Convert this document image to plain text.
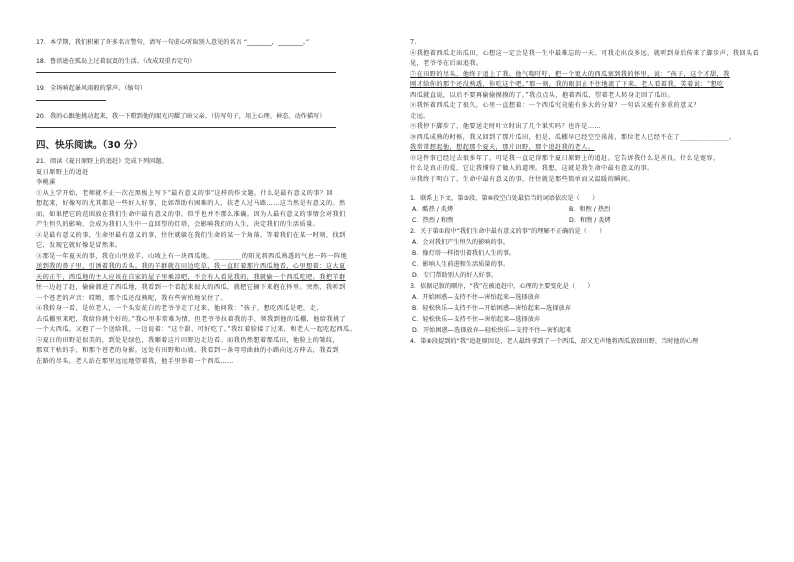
17．本学期，我们积累了许多名言警句，请写一句虚心听取别人意见的名言 “________，________。”
18．鲁滨逊在孤岛上过着寂寞的生活。（改成双重否定句）
19．全场响起暴风雨般的掌声。（缩句）
20．我的心跟他挑动起来，我一下瞪到他的眼光闪耀了暗父亲。（仿写句子，用上心理、神态、动作描写）
四、快乐阅读。（30 分）
21．阅读《夏日原野上的追赶》完成下列问题。
夏日原野上的追赶
李桃溪
①从上学开始，老师就不止一次在黑板上写下“最有意义的事”这样的作文题。什么是最有意义的事？回
想起来，好像写的尤其都是一些好人好事，比如帮助有困难的人，扶老人过马路……这当然是有意义的。然
而，如果把它的范围放在我们生命中最有意义的事，似乎也并不那么准确。因为人最有意义的事情会对我们
产生恒久的影响，会成为我们人生中一直回望的灯塔，会影响我们的人生，决定我们的生活质量。
②是最有意义的事，生命里最有意义的事，往往就躲在我们生命的某一个角落，等着我们在某一时刻，找到
它，发现它就好像是冒然来。
③那是一年夏天的事，我在山里放羊，山坡上有一块西瓜地。________的阳光将西瓜熟透的气息一阵一阵地
送到我的鼻子里，引诱着我的舌头。我的羊群就在田边吃草，我一直盯着那片西瓜地看，心里想着：这大夏
天的正午，西瓜地的主人应该在自家的屋子里乘凉吧，不会有人看见我的，我就偷一个西瓜吃吧。我把羊群
往一边赶了赶，偷偷溜进了西瓜地，我看到一个看起来很大的西瓜，就把它摘下来抱在怀里。突然，我听到
一个苍老的声音：哎哟，那个瓜还没熟呢，我有些害怕地呆住了。
④我转身一看，是位老人，一个头发花白的老爷爷走了过来，他问我：“孩子，想吃西瓜是吧，走，
去瓜棚里来吧，我给你挑个好的。”我心里非常难为情，但老爷爷拉着我的手，领我到他的瓜棚，他给我挑了
一个大西瓜，又抱了一个送给我，一边说着：“这个甜，可好吃了。”我红着脸接了过来，和老人一起吃起西瓜。
⑤夏日的田野是很美的，到处是绿色，我顺着这片田野边走边看。而我仍然想着那瓜田，他脸上的皱纹，
那双干枯的手，和那个苍老的身影。远处有田野和山坡，我看到一条弯弯曲曲的小路向远方伸去，我看到
在路的尽头，老人站在那里远远地望着我，他手里举着一个西瓜……
7．
⑥我抱着西瓜走出瓜田，心想这一定会是我一生中最难忘的一天。可我走出没多远，就听到身后传来了脚步声，我回头看
见，老爷爷在后面追我。
⑦在田野的尽头，他终于追上了我。他气喘吁吁，把一个更大的西瓜塞到我的怀里，说：“孩子，这个才甜，我
刚才给你的那个还没熟透，你吃这个吧。”那一刻，我的眼泪止不住地流了下来。老人看着我，笑着说：“想吃
西瓜就直说，以后不要再偷偷摸摸的了。”我点点头，抱着西瓜，望着老人转身走回了瓜田。
⑧我怀着西瓜走了很久，心里一直想着：一个西瓜究竟能有多大的分量？一句话又能有多重的意义？
走远。
⑨我停下脚步了，他要送走时叶立时出了几个果实吗？也许是……
⑩西瓜成熟的时候，我又回到了那片瓜田，但是，瓜棚早已经空空荡荡，那位老人已经不在了______________。
我常常想起他，想起那个夏天，那片田野，那个追赶我的老人。
⑪这件事已经过去很多年了，可是我一直记得那个夏日原野上的追赶。它告诉我什么是善良，什么是宽容，
什么是真正的爱，它让我懂得了做人的道理。我想，这就是我生命中最有意义的事。
⑫我终于明白了，生命中最有意义的事，往往就是那些简单而又温暖的瞬间。
1．联系上下文，第③段、第⑩段空白处最恰当的词语依次是（　　）
A．酷热 / 炙烤	B．和煦 / 热烈
C．热烈 / 和煦	D．和煦 / 炙烤
2．关于第①段中“我们生命中最有意义的事”的理解不正确的是（　　）
A．会对我们产生恒久的影响的事。
B．像灯塔一样指引着我们人生的事。
C．影响人生前进和生活质量的事。
D．专门帮助别人的好人好事。
3．依据记叙的顺序，“我”在被追赶中，心理的主要变化是（　　）
A．开始困惑—支持不住—害怕起来—选择放弃
B．轻松快乐—支持不住—开始困惑—害怕起来—选择放弃
C．轻松快乐—支持不住—害怕起来—选择放弃
D．开始困惑—选择放弃—轻松快乐—支持不住—害怕起来
4．第⑧段提到的“我”追赶原因是，老人最终拿到了一个西瓜，却又无声地将西瓜放回田野，当时他的心理
